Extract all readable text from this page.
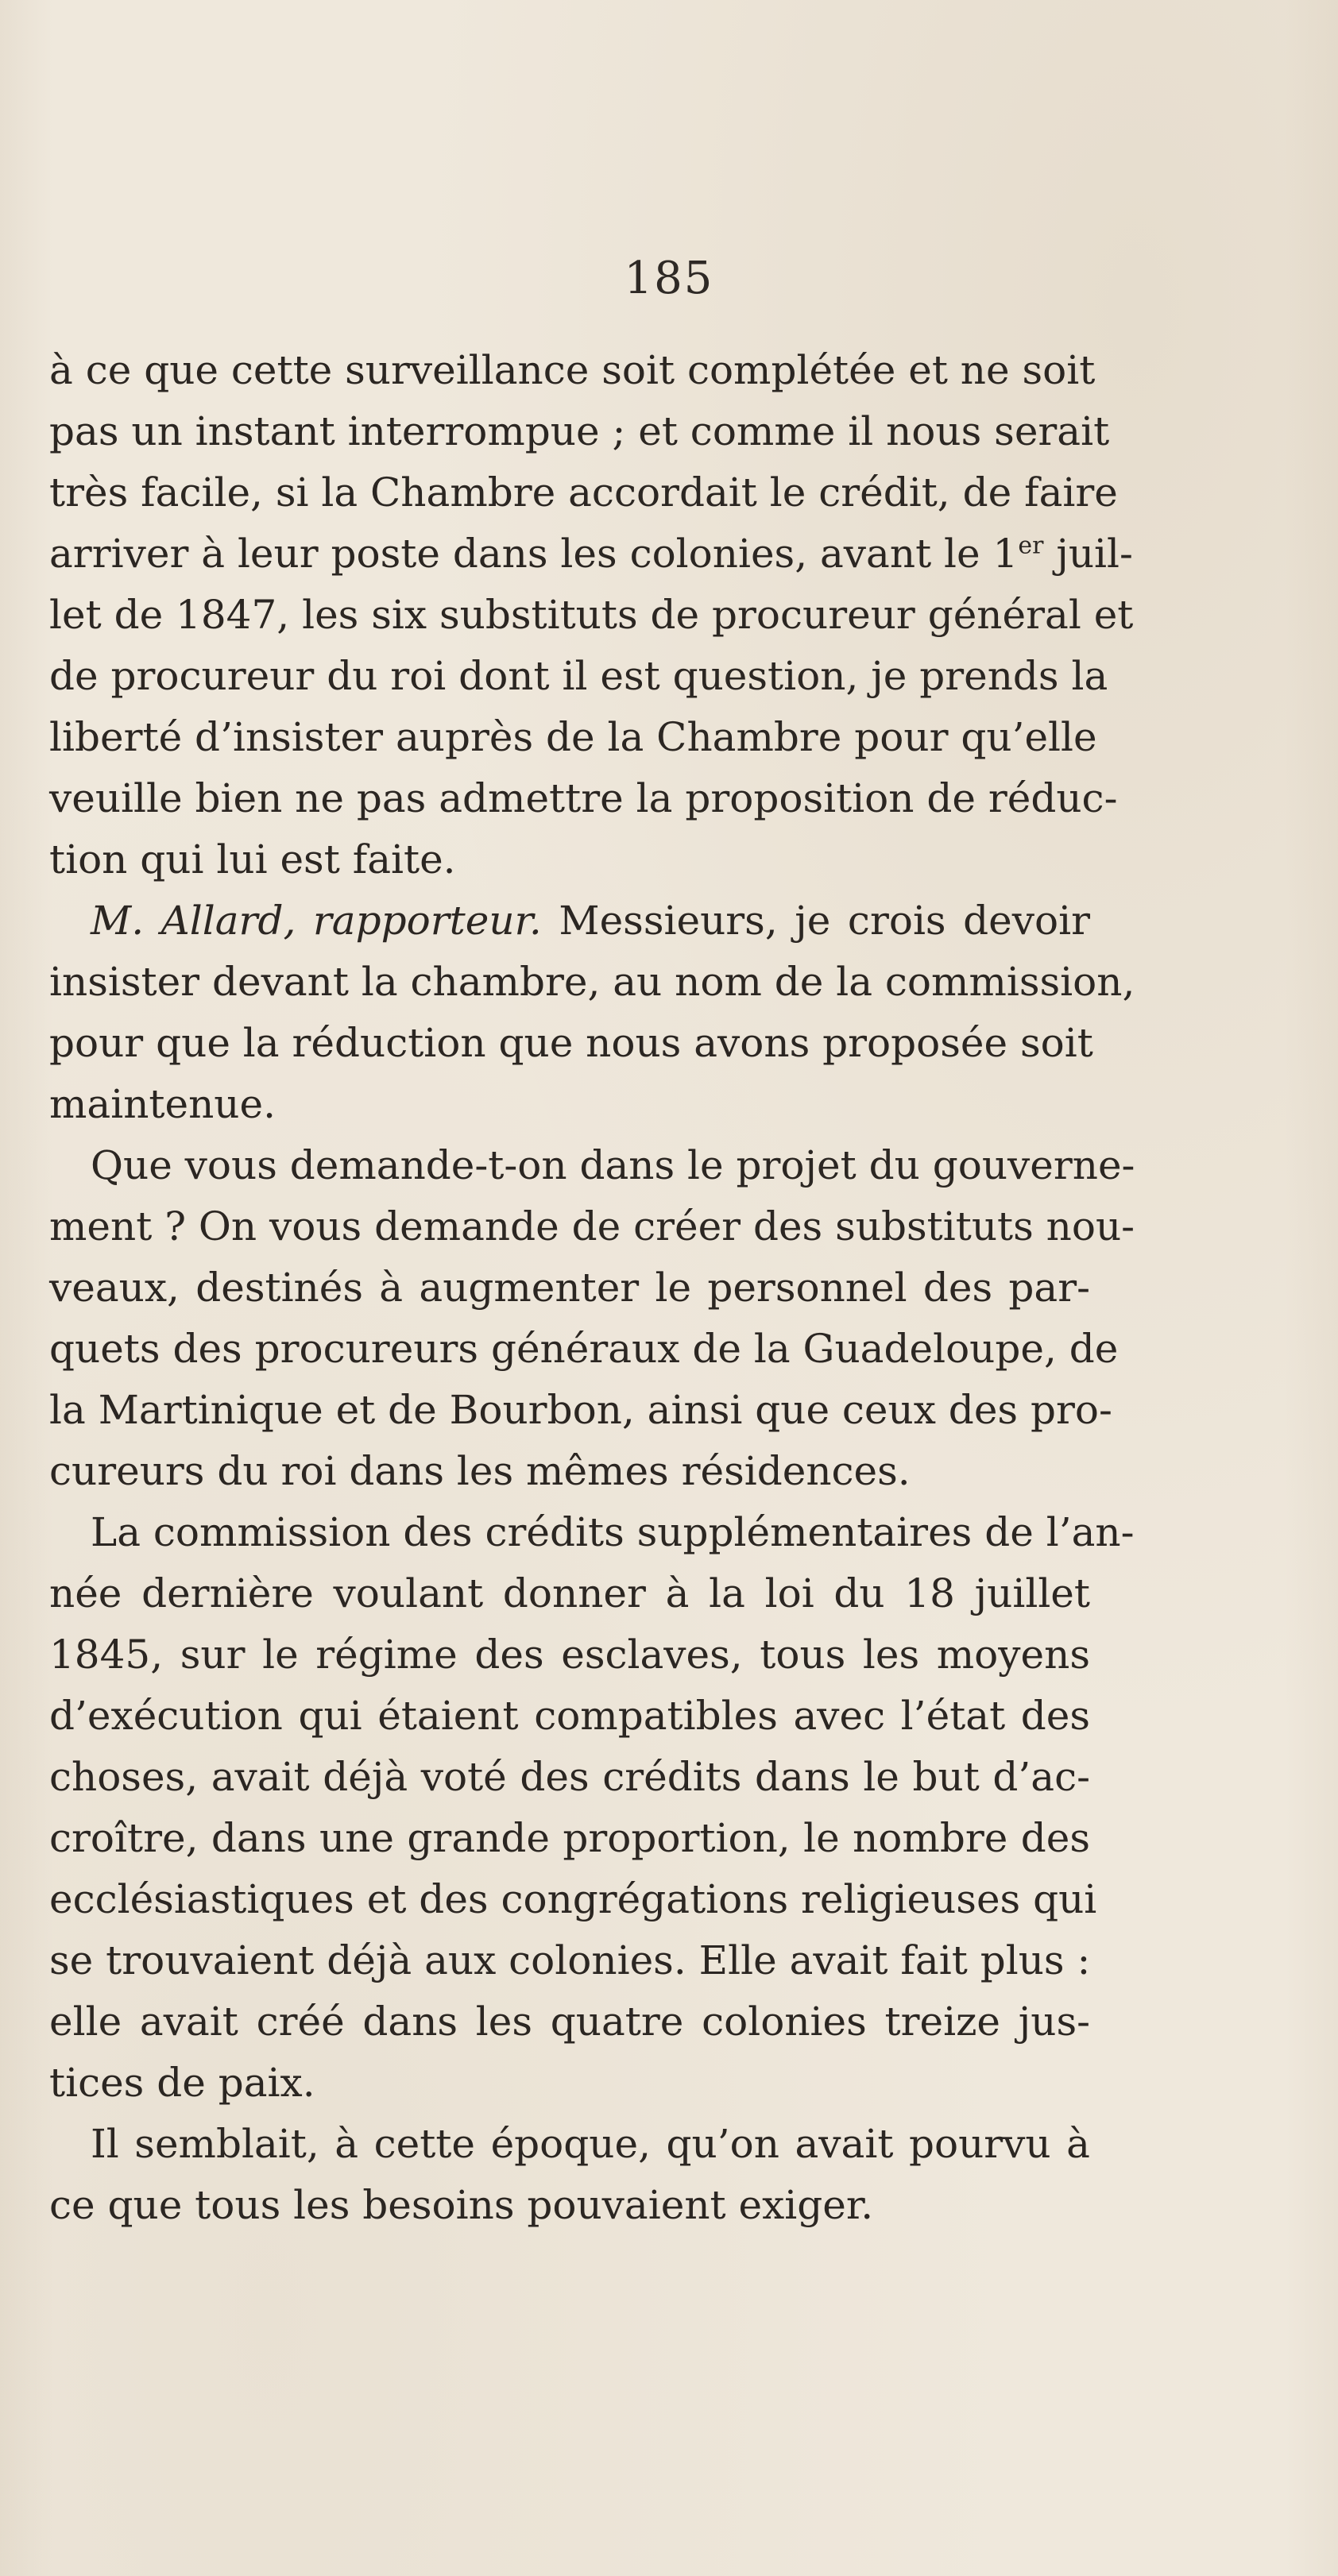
185
à ce que cette surveillance soit complétée et ne soit
pas un instant interrompue ; et comme il nous serait
très facile, si la Chambre accordait le crédit, de faire
arriver à leur poste dans les colonies, avant le 1er juil-
let de 1847, les six substituts de procureur général et
de procureur du roi dont il est question, je prends la
liberté d’insister auprès de la Chambre pour qu’elle
veuille bien ne pas admettre la proposition de réduc-
tion qui lui est faite.
M. Allard, rapporteur. Messieurs, je crois devoir
insister devant la chambre, au nom de la commission,
pour que la réduction que nous avons proposée soit
maintenue.
Que vous demande-t-on dans le projet du gouverne-
ment ? On vous demande de créer des substituts nou-
veaux, destinés à augmenter le personnel des par-
quets des procureurs généraux de la Guadeloupe, de
la Martinique et de Bourbon, ainsi que ceux des pro-
cureurs du roi dans les mêmes résidences.
La commission des crédits supplémentaires de l’an-
née dernière voulant donner à la loi du 18 juillet
1845, sur le régime des esclaves, tous les moyens
d’exécution qui étaient compatibles avec l’état des
choses, avait déjà voté des crédits dans le but d’ac-
croître, dans une grande proportion, le nombre des
ecclésiastiques et des congrégations religieuses qui
se trouvaient déjà aux colonies. Elle avait fait plus :
elle avait créé dans les quatre colonies treize jus-
tices de paix.
Il semblait, à cette époque, qu’on avait pourvu à
ce que tous les besoins pouvaient exiger.
